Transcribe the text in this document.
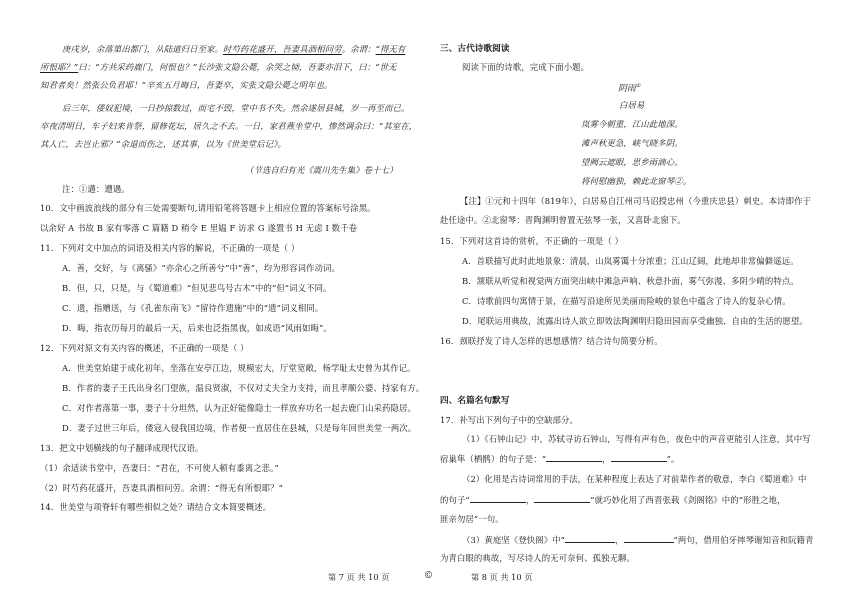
庚戌岁，余落第出都门，从陆道归日至家。时芍药花盛开，吾妻具酒相问劳。余谓：“得无有
所恨耶？”曰：“方共采药鹿门，何恨也？”长沙张文隐公薨，余哭之恸，吾妻亦泪下，曰：“世无
知君者矣！然张公负君耶！”辛亥五月晦日，吾妻卒，实张文隐公薨之明年也。
后三年，倭奴犯境，一日抄掠数过，而宅不毁，堂中书不失。然余遂居县城，岁一再至而已。
卒夜清明日，车子妇来肯祭，留修花坛，居久之不去。一日，家君燕坐堂中，惨然调余曰：“其室在，
其人亡，去岂止邪？”余退而伤之，述其事，以为《世美堂后记》。
（节选自归有光《震川先生集》卷十七）
注：①遘：遭遇。
10．文中画波浪线的部分有三处需要断句,请用铅笔将答题卡上相应位置的答案标号涂黑。
以余好 A 书故 B 家有零落 C 篇籍 D 稍令 E 里媪 F 访求 G 遂置书 H 无虑 I 数千卷
11．下列对文中加点的词语及相关内容的解说，不正确的一项是（ ）
A．善，交好，与《离骚》“亦余心之所善兮”中“善”，均为形容词作动词。
B．但，只，只是，与《蜀道难》“但见悲鸟号古木”中的“但”词义不同。
C．遗，指赠送，与《孔雀东南飞》“留待作遗施”中的“遗”词义相同。
D．晦，指农历每月的最后一天，后来也泛指黑夜，如成语“风雨如晦”。
12．下列对原文有关内容的概述，不正确的一项是（ ）
A．世美堂始建于成化初年，坐落在安亭江边，规模宏大，厅堂宽敞，杨学耻太史曾为其作记。
B．作者的妻子王氏出身名门望族，温良贤淑，不仅对丈夫全力支持，而且孝顺公婆、持家有方。
C．对作者落第一事，妻子十分坦然，认为正好能像隐士一样放弃功名一起去鹿门山采药隐居。
D．妻子过世三年后，倭寇入侵我国边境，作者便一直居住在县城，只是每年回世美堂一两次。
13．把文中划横线的句子翻译成现代汉语。
（1）余适读书堂中，吾妻曰：“君在，不可使人顿有黍离之悲。”
（2）时芍药花盛开，吾妻具酒相问劳。余谓：“得无有所恨耶？”
14．世美堂与项脊轩有哪些相似之处？请结合文本简要概述。
三、古代诗歌阅读
阅读下面的诗歌，完成下面小题。
阴雨①
白居易
岚雾今朝重，江山此地深。
滩声秋更急，峡气晓多阴。
望阙云遮眼，思乡雨滴心。
将何慰幽独，赖此北窗琴②。
【注】①元和十四年（819年），白居易自江州司马诏授忠州（今重庆忠县）刺史。本诗即作于
赴任途中。②北窗琴：晋陶渊明曾置无弦琴一张，又喜卧北窗下。
15．下列对这首诗的赏析，不正确的一项是（ ）
A．首联描写此时此地景象：清晨，山岚雾霭十分浓重；江山辽阔，此地却非常偏僻遥远。
B．颔联从听觉和视觉两方面突出峡中滩急声响、秋意扑面，雾气弥漫、多阴少晴的特点。
C．诗歌前四句寓情于景，在描写沿途所见美丽而险峻的景色中蕴含了诗人的复杂心情。
D．尾联运用典故，流露出诗人欲立即效法陶渊明归隐田园而享受幽独、自由的生活的愿望。
16．颈联抒发了诗人怎样的思想感情？结合诗句简要分析。
四、名篇名句默写
17．补写出下列句子中的空缺部分。
（1）《石钟山记》中，苏轼寻访石钟山，写得有声有色，夜色中的声音更能引人注意，其中写
宿巢隼（栖鹘）的句子是：“	，	”。
（2）化用是古诗词常用的手法，在某种程度上表达了对前辈作者的敬意，李白《蜀道难》中
的句子“	，	”就巧妙化用了西晋张载《剑阁铭》中的“形胜之地，
匪亲勿居”一句。
（3）黄庭坚《登快阁》中“	，	”两句，借用伯牙摔琴谢知音和阮籍青
为青白眼的典故，写尽诗人的无可奈何、孤独无聊。
第 7 页 共 10 页	©	第 8 页 共 10 页
